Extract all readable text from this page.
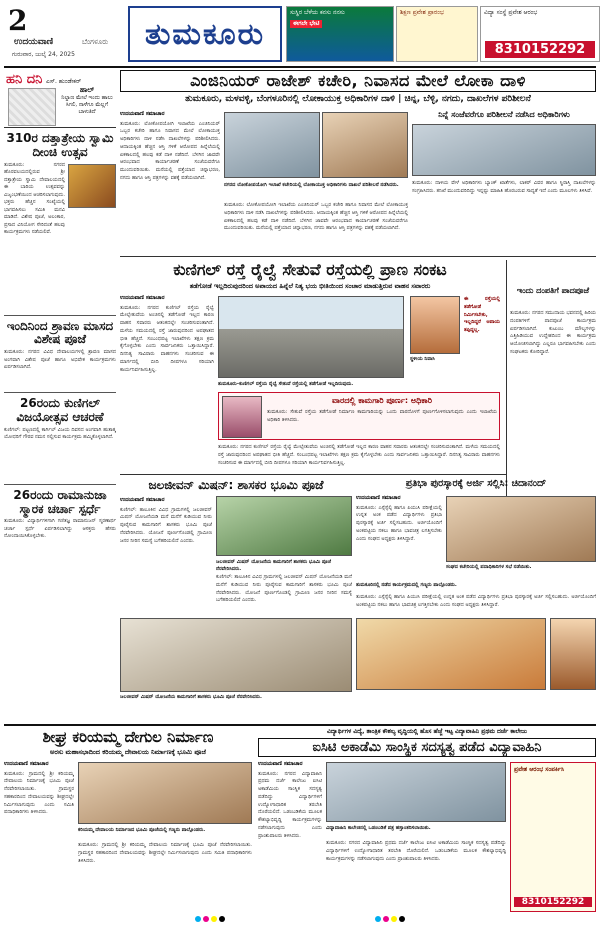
2
ಉದಯವಾಣಿ	ಬೆಂಗಳೂರು
ಗುರುವಾರ, ಜುಲೈ 24, 2025
ತುಮಕೂರು

ಸುಸ್ಥಿರ ಬೆಳೆಯ ಕನಸು ನನಸು

ಈಗಲೇ ಭೇಟಿ

ಶಿಕ್ಷಣ ಪ್ರವೇಶ ಪ್ರಾರಂಭ	ವಿದ್ಯಾ ಸಂಸ್ಥೆ ಪ್ರವೇಶ ಆರಂಭ

8310152292
ಹನಿ ದನಿ ಎಸ್. ಹುಂಡೇಕರ್
ಹಾಲ್
ನಿಲ್ದಾಣ ಮೇಲೆ ಇಂದು ಹಾಲು ಸಿಗಲಿ, ನಾಳೆಗೂ ಮೆಲ್ಲಗೆ ಬಾಳುತಿದೆ
310ರ ದತ್ತಾತ್ರೇಯ ಸ್ವಾಮಿ ದೀಂಚಿ ಉತ್ಸವ
ತುಮಕೂರು: ನಗರದ ಹೊರವಲಯದಲ್ಲಿರುವ ಶ್ರೀ ದತ್ತಾತ್ರೇಯ ಸ್ವಾಮಿ ದೇವಾಲಯದಲ್ಲಿ ಈ ಬಾರಿಯ ಉತ್ಸವವನ್ನು ವಿಜೃಂಭಣೆಯಿಂದ ಆಚರಿಸಲಾಗುವುದು. ಭಕ್ತರು ಹೆಚ್ಚಿನ ಸಂಖ್ಯೆಯಲ್ಲಿ ಭಾಗವಹಿಸಲು ಸಮಿತಿ ಮನವಿ ಮಾಡಿದೆ. ವಿಶೇಷ ಪೂಜೆ, ಅಲಂಕಾರ, ಪ್ರಸಾದ ವಿನಿಯೋಗ ಸೇರಿದಂತೆ ಹಲವು ಕಾರ್ಯಕ್ರಮಗಳು ನಡೆಯಲಿವೆ.
ಇಂದಿನಿಂದ ಶ್ರಾವಣ ಮಾಸದ ವಿಶೇಷ ಪೂಜೆ
ತುಮಕೂರು: ನಗರದ ವಿವಿಧ ದೇವಾಲಯಗಳಲ್ಲಿ ಶ್ರಾವಣ ಮಾಸದ ಅಂಗವಾಗಿ ವಿಶೇಷ ಪೂಜೆ ಹಾಗೂ ಅಭಿಷೇಕ ಕಾರ್ಯಕ್ರಮಗಳು ಏರ್ಪಡಿಸಲಾಗಿದೆ.
26ರಂದು ಕುಣಿಗಲ್ ವಿಜಯೋತ್ಸವ ಆಚರಣೆ
ಕುಣಿಗಲ್: ಪಟ್ಟಣದಲ್ಲಿ ಕಾರ್ಗಿಲ್ ವಿಜಯ ದಿವಸದ ಅಂಗವಾಗಿ ಹುತಾತ್ಮ ಯೋಧರಿಗೆ ಗೌರವ ನಮನ ಸಲ್ಲಿಸುವ ಕಾರ್ಯಕ್ರಮ ಹಮ್ಮಿಕೊಳ್ಳಲಾಗಿದೆ.
26ರಂದು ರಾಮಾನುಜಾ ಸ್ಮಾರಕ ಚರ್ಚಾ ಸ್ಪರ್ಧೆ
ತುಮಕೂರು: ವಿದ್ಯಾರ್ಥಿಗಳಿಗಾಗಿ ಗಣಿತಜ್ಞ ರಾಮಾನುಜನ್ ಸ್ಮರಣಾರ್ಥ ಚರ್ಚಾ ಸ್ಪರ್ಧೆ ಏರ್ಪಡಿಸಲಾಗಿದ್ದು ಆಸಕ್ತರು ಹೆಸರು ನೋಂದಾಯಿಸಿಕೊಳ್ಳಬೇಕು.
ಎಂಜಿನಿಯರ್ ರಾಜೇಶ್ ಕಚೇರಿ, ನಿವಾಸದ ಮೇಲೆ ಲೋಕಾ ದಾಳಿ
ತುಮಕೂರು, ಮಳವಳ್ಳಿ, ಬೆಂಗಳೂರಿನಲ್ಲಿ ಲೋಕಾಯುಕ್ತ ಅಧಿಕಾರಿಗಳ ದಾಳಿ | ಚಿನ್ನ, ಬೆಳ್ಳಿ, ನಗದು, ದಾಖಲೆಗಳ ಪರಿಶೀಲನೆ
ಉದಯವಾಣಿ ಸಮಾಚಾರ
ತುಮಕೂರು: ಲೋಕೋಪಯೋಗಿ ಇಲಾಖೆಯ ಎಂಜಿನಿಯರ್ ಒಬ್ಬರ ಕಚೇರಿ ಹಾಗೂ ನಿವಾಸದ ಮೇಲೆ ಲೋಕಾಯುಕ್ತ ಅಧಿಕಾರಿಗಳು ದಾಳಿ ನಡೆಸಿ ದಾಖಲೆಗಳನ್ನು ಪರಿಶೀಲಿಸಿದರು. ಆದಾಯಕ್ಕಿಂತ ಹೆಚ್ಚಿನ ಆಸ್ತಿ ಗಳಿಕೆ ಆರೋಪದ ಹಿನ್ನೆಲೆಯಲ್ಲಿ ಏಕಕಾಲದಲ್ಲಿ ಹಲವು ಕಡೆ ದಾಳಿ ನಡೆದಿದೆ. ಬೆಳಗಿನ ಜಾವವೇ ಆರಂಭವಾದ ಕಾರ್ಯಾಚರಣೆ ಸಂಜೆಯವರೆಗೂ ಮುಂದುವರಿಯಿತು. ಮನೆಯಲ್ಲಿ ಪತ್ತೆಯಾದ ಚಿನ್ನಾಭರಣ, ನಗದು ಹಾಗೂ ಆಸ್ತಿ ಪತ್ರಗಳನ್ನು ವಶಕ್ಕೆ ಪಡೆಯಲಾಗಿದೆ.
ನಗರದ ಲೋಕೋಪಯೋಗಿ ಇಲಾಖೆ ಕಚೇರಿಯಲ್ಲಿ ಲೋಕಾಯುಕ್ತ ಅಧಿಕಾರಿಗಳು ದಾಖಲೆ ಪರಿಶೀಲನೆ ನಡೆಸಿದರು.
ತುಮಕೂರು: ಲೋಕೋಪಯೋಗಿ ಇಲಾಖೆಯ ಎಂಜಿನಿಯರ್ ಒಬ್ಬರ ಕಚೇರಿ ಹಾಗೂ ನಿವಾಸದ ಮೇಲೆ ಲೋಕಾಯುಕ್ತ ಅಧಿಕಾರಿಗಳು ದಾಳಿ ನಡೆಸಿ ದಾಖಲೆಗಳನ್ನು ಪರಿಶೀಲಿಸಿದರು. ಆದಾಯಕ್ಕಿಂತ ಹೆಚ್ಚಿನ ಆಸ್ತಿ ಗಳಿಕೆ ಆರೋಪದ ಹಿನ್ನೆಲೆಯಲ್ಲಿ ಏಕಕಾಲದಲ್ಲಿ ಹಲವು ಕಡೆ ದಾಳಿ ನಡೆದಿದೆ. ಬೆಳಗಿನ ಜಾವವೇ ಆರಂಭವಾದ ಕಾರ್ಯಾಚರಣೆ ಸಂಜೆಯವರೆಗೂ ಮುಂದುವರಿಯಿತು. ಮನೆಯಲ್ಲಿ ಪತ್ತೆಯಾದ ಚಿನ್ನಾಭರಣ, ನಗದು ಹಾಗೂ ಆಸ್ತಿ ಪತ್ರಗಳನ್ನು ವಶಕ್ಕೆ ಪಡೆಯಲಾಗಿದೆ.
ನಿನ್ನೆ ಸಂಜೆವರೆಗೂ ಪರಿಶೀಲನೆ ನಡೆಸಿದ ಅಧಿಕಾರಿಗಳು
ತುಮಕೂರು: ದಾಳಿಯ ವೇಳೆ ಅಧಿಕಾರಿಗಳು ಬ್ಯಾಂಕ್ ಖಾತೆಗಳು, ಲಾಕರ್ ವಿವರ ಹಾಗೂ ಸ್ಥಿರಾಸ್ತಿ ದಾಖಲೆಗಳನ್ನು ಸಂಗ್ರಹಿಸಿದರು. ತನಿಖೆ ಮುಂದುವರಿದಿದ್ದು ಇನ್ನಷ್ಟು ಮಾಹಿತಿ ಹೊರಬರುವ ಸಾಧ್ಯತೆ ಇದೆ ಎಂದು ಮೂಲಗಳು ತಿಳಿಸಿವೆ.
ಕುಣಿಗಲ್ ರಸ್ತೆ ರೈಲ್ವೆ ಸೇತುವೆ ರಸ್ತೆಯಲ್ಲಿ ಪ್ರಾಣ ಸಂಕಟ
ತಡೆಗೋಡೆ ಇಲ್ಲದಿರುವುದರಿಂದ ಅಪಾಯದ ಹಿನ್ನೆಲೆ ನಿತ್ಯ ಭಯ ಭೀತಿಯಿಂದ ಸಂಚಾರ ಮಾಡುತ್ತಿರುವ ವಾಹನ ಸವಾರರು
ಉದಯವಾಣಿ ಸಮಾಚಾರ
ತುಮಕೂರು: ನಗರದ ಕುಣಿಗಲ್ ರಸ್ತೆಯ ರೈಲ್ವೆ ಮೇಲ್ಸೇತುವೆಯ ಅಂಚಿನಲ್ಲಿ ತಡೆಗೋಡೆ ಇಲ್ಲದ ಕಾರಣ ವಾಹನ ಸವಾರರು ಆತಂಕದಲ್ಲೇ ಸಂಚರಿಸುವಂತಾಗಿದೆ. ಮಳೆಯ ಸಮಯದಲ್ಲಿ ರಸ್ತೆ ಜಾರುವುದರಿಂದ ಅಪಘಾತದ ಭೀತಿ ಹೆಚ್ಚಿದೆ. ಸಂಬಂಧಪಟ್ಟ ಇಲಾಖೆಗಳು ತಕ್ಷಣ ಕ್ರಮ ಕೈಗೊಳ್ಳಬೇಕು ಎಂದು ಸಾರ್ವಜನಿಕರು ಒತ್ತಾಯಿಸಿದ್ದಾರೆ. ದಿನನಿತ್ಯ ಸಾವಿರಾರು ವಾಹನಗಳು ಸಂಚರಿಸುವ ಈ ಮಾರ್ಗದಲ್ಲಿ ಬೀದಿ ದೀಪಗಳೂ ಸರಿಯಾಗಿ ಕಾರ್ಯನಿರ್ವಹಿಸುತ್ತಿಲ್ಲ.
ತುಮಕೂರು–ಕುಣಿಗಲ್ ರಸ್ತೆಯ ರೈಲ್ವೆ ಸೇತುವೆ ರಸ್ತೆಯಲ್ಲಿ ತಡೆಗೋಡೆ ಇಲ್ಲದಿರುವುದು.
ಈ ರಸ್ತೆಯಲ್ಲಿ ತಡೆಗೋಡೆ ನಿರ್ಮಿಸಬೇಕು, ಇಲ್ಲದಿದ್ದರೆ ಅಪಾಯ ತಪ್ಪಿದ್ದಲ್ಲ.
ಸ್ಥಳೀಯ ನಿವಾಸಿ
ವಾರದಲ್ಲಿ ಕಾಮಗಾರಿ ಪೂರ್ಣ: ಅಧಿಕಾರಿ
ತುಮಕೂರು: ಸೇತುವೆ ರಸ್ತೆಯ ತಡೆಗೋಡೆ ನಿರ್ಮಾಣ ಕಾಮಗಾರಿಯನ್ನು ಒಂದು ವಾರದೊಳಗೆ ಪೂರ್ಣಗೊಳಿಸಲಾಗುವುದು ಎಂದು ಇಲಾಖೆಯ ಅಧಿಕಾರಿ ತಿಳಿಸಿದರು.
ತುಮಕೂರು: ನಗರದ ಕುಣಿಗಲ್ ರಸ್ತೆಯ ರೈಲ್ವೆ ಮೇಲ್ಸೇತುವೆಯ ಅಂಚಿನಲ್ಲಿ ತಡೆಗೋಡೆ ಇಲ್ಲದ ಕಾರಣ ವಾಹನ ಸವಾರರು ಆತಂಕದಲ್ಲೇ ಸಂಚರಿಸುವಂತಾಗಿದೆ. ಮಳೆಯ ಸಮಯದಲ್ಲಿ ರಸ್ತೆ ಜಾರುವುದರಿಂದ ಅಪಘಾತದ ಭೀತಿ ಹೆಚ್ಚಿದೆ. ಸಂಬಂಧಪಟ್ಟ ಇಲಾಖೆಗಳು ತಕ್ಷಣ ಕ್ರಮ ಕೈಗೊಳ್ಳಬೇಕು ಎಂದು ಸಾರ್ವಜನಿಕರು ಒತ್ತಾಯಿಸಿದ್ದಾರೆ. ದಿನನಿತ್ಯ ಸಾವಿರಾರು ವಾಹನಗಳು ಸಂಚರಿಸುವ ಈ ಮಾರ್ಗದಲ್ಲಿ ಬೀದಿ ದೀಪಗಳೂ ಸರಿಯಾಗಿ ಕಾರ್ಯನಿರ್ವಹಿಸುತ್ತಿಲ್ಲ.
ಇಂದು ದಂಪತಿಗೆ ಪಾದಪೂಜೆ
ತುಮಕೂರು: ನಗರದ ಸಮುದಾಯ ಭವನದಲ್ಲಿ ಹಿರಿಯ ದಂಪತಿಗಳಿಗೆ ಪಾದಪೂಜೆ ಕಾರ್ಯಕ್ರಮ ಏರ್ಪಡಿಸಲಾಗಿದೆ. ಕುಟುಂಬ ಮೌಲ್ಯಗಳನ್ನು ಎತ್ತಿಹಿಡಿಯುವ ಉದ್ದೇಶದಿಂದ ಈ ಕಾರ್ಯಕ್ರಮ ಆಯೋಜಿಸಲಾಗಿದ್ದು ಎಲ್ಲರೂ ಭಾಗವಹಿಸಬೇಕು ಎಂದು ಸಂಘಟಕರು ಕೋರಿದ್ದಾರೆ.
ಜಲಜೀವನ್ ಮಿಷನ್: ಶಾಸಕರ ಭೂಮಿ ಪೂಜೆ
ಉದಯವಾಣಿ ಸಮಾಚಾರ
ಕುಣಿಗಲ್: ತಾಲೂಕಿನ ವಿವಿಧ ಗ್ರಾಮಗಳಲ್ಲಿ ಜಲಜೀವನ್ ಮಿಷನ್ ಯೋಜನೆಯಡಿ ಮನೆ ಮನೆಗೆ ಕುಡಿಯುವ ನೀರು ಪೂರೈಸುವ ಕಾಮಗಾರಿಗೆ ಶಾಸಕರು ಭೂಮಿ ಪೂಜೆ ನೆರವೇರಿಸಿದರು. ಯೋಜನೆ ಪೂರ್ಣಗೊಂಡಲ್ಲಿ ಗ್ರಾಮೀಣ ಜನರ ನೀರಿನ ಸಮಸ್ಯೆ ಬಗೆಹರಿಯಲಿದೆ ಎಂದರು.
ಜಲಜೀವನ್ ಮಿಷನ್ ಯೋಜನೆಯ ಕಾಮಗಾರಿಗೆ ಶಾಸಕರು ಭೂಮಿ ಪೂಜೆ ನೆರವೇರಿಸಿದರು.
ಕುಣಿಗಲ್: ತಾಲೂಕಿನ ವಿವಿಧ ಗ್ರಾಮಗಳಲ್ಲಿ ಜಲಜೀವನ್ ಮಿಷನ್ ಯೋಜನೆಯಡಿ ಮನೆ ಮನೆಗೆ ಕುಡಿಯುವ ನೀರು ಪೂರೈಸುವ ಕಾಮಗಾರಿಗೆ ಶಾಸಕರು ಭೂಮಿ ಪೂಜೆ ನೆರವೇರಿಸಿದರು. ಯೋಜನೆ ಪೂರ್ಣಗೊಂಡಲ್ಲಿ ಗ್ರಾಮೀಣ ಜನರ ನೀರಿನ ಸಮಸ್ಯೆ ಬಗೆಹರಿಯಲಿದೆ ಎಂದರು.
ಪ್ರತಿಭಾ ಪುರಸ್ಕಾರಕ್ಕೆ ಅರ್ಜಿ ಸಲ್ಲಿಸಿ: ಚಿದಾನಂದ್
ಉದಯವಾಣಿ ಸಮಾಚಾರ
ತುಮಕೂರು: ಎಸ್ಸೆಸ್ಸೆಲ್ಸಿ ಹಾಗೂ ಪಿಯುಸಿ ಪರೀಕ್ಷೆಯಲ್ಲಿ ಉನ್ನತ ಅಂಕ ಪಡೆದ ವಿದ್ಯಾರ್ಥಿಗಳು ಪ್ರತಿಭಾ ಪುರಸ್ಕಾರಕ್ಕೆ ಅರ್ಜಿ ಸಲ್ಲಿಸಬಹುದು. ಅರ್ಜಿಯೊಂದಿಗೆ ಅಂಕಪಟ್ಟಿಯ ನಕಲು ಹಾಗೂ ಭಾವಚಿತ್ರ ಲಗತ್ತಿಸಬೇಕು ಎಂದು ಸಂಘದ ಅಧ್ಯಕ್ಷರು ತಿಳಿಸಿದ್ದಾರೆ.
ಸಂಘದ ಕಚೇರಿಯಲ್ಲಿ ಪದಾಧಿಕಾರಿಗಳ ಸಭೆ ನಡೆಯಿತು.
ತುಮಕೂರಿನಲ್ಲಿ ನಡೆದ ಕಾರ್ಯಕ್ರಮದಲ್ಲಿ ಗಣ್ಯರು ಪಾಲ್ಗೊಂಡರು.
ತುಮಕೂರು: ಎಸ್ಸೆಸ್ಸೆಲ್ಸಿ ಹಾಗೂ ಪಿಯುಸಿ ಪರೀಕ್ಷೆಯಲ್ಲಿ ಉನ್ನತ ಅಂಕ ಪಡೆದ ವಿದ್ಯಾರ್ಥಿಗಳು ಪ್ರತಿಭಾ ಪುರಸ್ಕಾರಕ್ಕೆ ಅರ್ಜಿ ಸಲ್ಲಿಸಬಹುದು. ಅರ್ಜಿಯೊಂದಿಗೆ ಅಂಕಪಟ್ಟಿಯ ನಕಲು ಹಾಗೂ ಭಾವಚಿತ್ರ ಲಗತ್ತಿಸಬೇಕು ಎಂದು ಸಂಘದ ಅಧ್ಯಕ್ಷರು ತಿಳಿಸಿದ್ದಾರೆ.
ಜಲಜೀವನ್ ಮಿಷನ್ ಯೋಜನೆಯ ಕಾಮಗಾರಿಗೆ ಶಾಸಕರು ಭೂಮಿ ಪೂಜೆ ನೆರವೇರಿಸಿದರು.
ಶೀಘ್ರ ಕರಿಯಮ್ಮ ದೇಗುಲ ನಿರ್ಮಾಣ
ಅರಸು ಮಹಾಸಭಾದಿಂದ ಕರಿಯಮ್ಮ ದೇವಾಲಯ ನಿರ್ಮಾಣಕ್ಕೆ ಭೂಮಿ ಪೂಜೆ
ಉದಯವಾಣಿ ಸಮಾಚಾರ
ತುಮಕೂರು: ಗ್ರಾಮದಲ್ಲಿ ಶ್ರೀ ಕರಿಯಮ್ಮ ದೇವಾಲಯ ನಿರ್ಮಾಣಕ್ಕೆ ಭೂಮಿ ಪೂಜೆ ನೆರವೇರಿಸಲಾಯಿತು. ಗ್ರಾಮಸ್ಥರ ಸಹಕಾರದಿಂದ ದೇವಾಲಯವನ್ನು ಶೀಘ್ರದಲ್ಲೇ ನಿರ್ಮಿಸಲಾಗುವುದು ಎಂದು ಸಮಿತಿ ಪದಾಧಿಕಾರಿಗಳು ತಿಳಿಸಿದರು.
ಕರಿಯಮ್ಮ ದೇವಾಲಯ ನಿರ್ಮಾಣದ ಭೂಮಿ ಪೂಜೆಯಲ್ಲಿ ಗಣ್ಯರು ಪಾಲ್ಗೊಂಡರು.
ತುಮಕೂರು: ಗ್ರಾಮದಲ್ಲಿ ಶ್ರೀ ಕರಿಯಮ್ಮ ದೇವಾಲಯ ನಿರ್ಮಾಣಕ್ಕೆ ಭೂಮಿ ಪೂಜೆ ನೆರವೇರಿಸಲಾಯಿತು. ಗ್ರಾಮಸ್ಥರ ಸಹಕಾರದಿಂದ ದೇವಾಲಯವನ್ನು ಶೀಘ್ರದಲ್ಲೇ ನಿರ್ಮಿಸಲಾಗುವುದು ಎಂದು ಸಮಿತಿ ಪದಾಧಿಕಾರಿಗಳು ತಿಳಿಸಿದರು.
ವಿದ್ಯಾರ್ಥಿಗಳ ವಿದ್ಯೆ, ತಾಂತ್ರಿಕ ಕೌಶಲ್ಯ ವೃದ್ಧಿಯಲ್ಲಿ ಹೊಸ ಹೆಜ್ಜೆ ಇಟ್ಟ ವಿದ್ಯಾವಾಹಿನಿ ಪ್ರಥಮ ದರ್ಜೆ ಕಾಲೇಜು
ಐಸಿಟಿ ಅಕಾಡೆಮಿ ಸಾಂಸ್ಥಿಕ ಸದಸ್ಯತ್ವ ಪಡೆದ ವಿದ್ಯಾವಾಹಿನಿ
ಉದಯವಾಣಿ ಸಮಾಚಾರ
ತುಮಕೂರು: ನಗರದ ವಿದ್ಯಾವಾಹಿನಿ ಪ್ರಥಮ ದರ್ಜೆ ಕಾಲೇಜು ಐಸಿಟಿ ಅಕಾಡೆಮಿಯ ಸಾಂಸ್ಥಿಕ ಸದಸ್ಯತ್ವ ಪಡೆದಿದ್ದು ವಿದ್ಯಾರ್ಥಿಗಳಿಗೆ ಉದ್ಯೋಗಾಧಾರಿತ ತರಬೇತಿ ದೊರೆಯಲಿದೆ. ಒಡಂಬಡಿಕೆಯ ಮೂಲಕ ಕೌಶಲ್ಯಾಭಿವೃದ್ಧಿ ಕಾರ್ಯಕ್ರಮಗಳನ್ನು ನಡೆಸಲಾಗುವುದು ಎಂದು ಪ್ರಾಂಶುಪಾಲರು ತಿಳಿಸಿದರು.
ವಿದ್ಯಾವಾಹಿನಿ ಕಾಲೇಜಿನಲ್ಲಿ ಒಡಂಬಡಿಕೆ ಪತ್ರ ಹಸ್ತಾಂತರಿಸಲಾಯಿತು.
ತುಮಕೂರು: ನಗರದ ವಿದ್ಯಾವಾಹಿನಿ ಪ್ರಥಮ ದರ್ಜೆ ಕಾಲೇಜು ಐಸಿಟಿ ಅಕಾಡೆಮಿಯ ಸಾಂಸ್ಥಿಕ ಸದಸ್ಯತ್ವ ಪಡೆದಿದ್ದು ವಿದ್ಯಾರ್ಥಿಗಳಿಗೆ ಉದ್ಯೋಗಾಧಾರಿತ ತರಬೇತಿ ದೊರೆಯಲಿದೆ. ಒಡಂಬಡಿಕೆಯ ಮೂಲಕ ಕೌಶಲ್ಯಾಭಿವೃದ್ಧಿ ಕಾರ್ಯಕ್ರಮಗಳನ್ನು ನಡೆಸಲಾಗುವುದು ಎಂದು ಪ್ರಾಂಶುಪಾಲರು ತಿಳಿಸಿದರು.
ಪ್ರವೇಶ ಆರಂಭ ಸಂಪರ್ಕಿಸಿ
8310152292
